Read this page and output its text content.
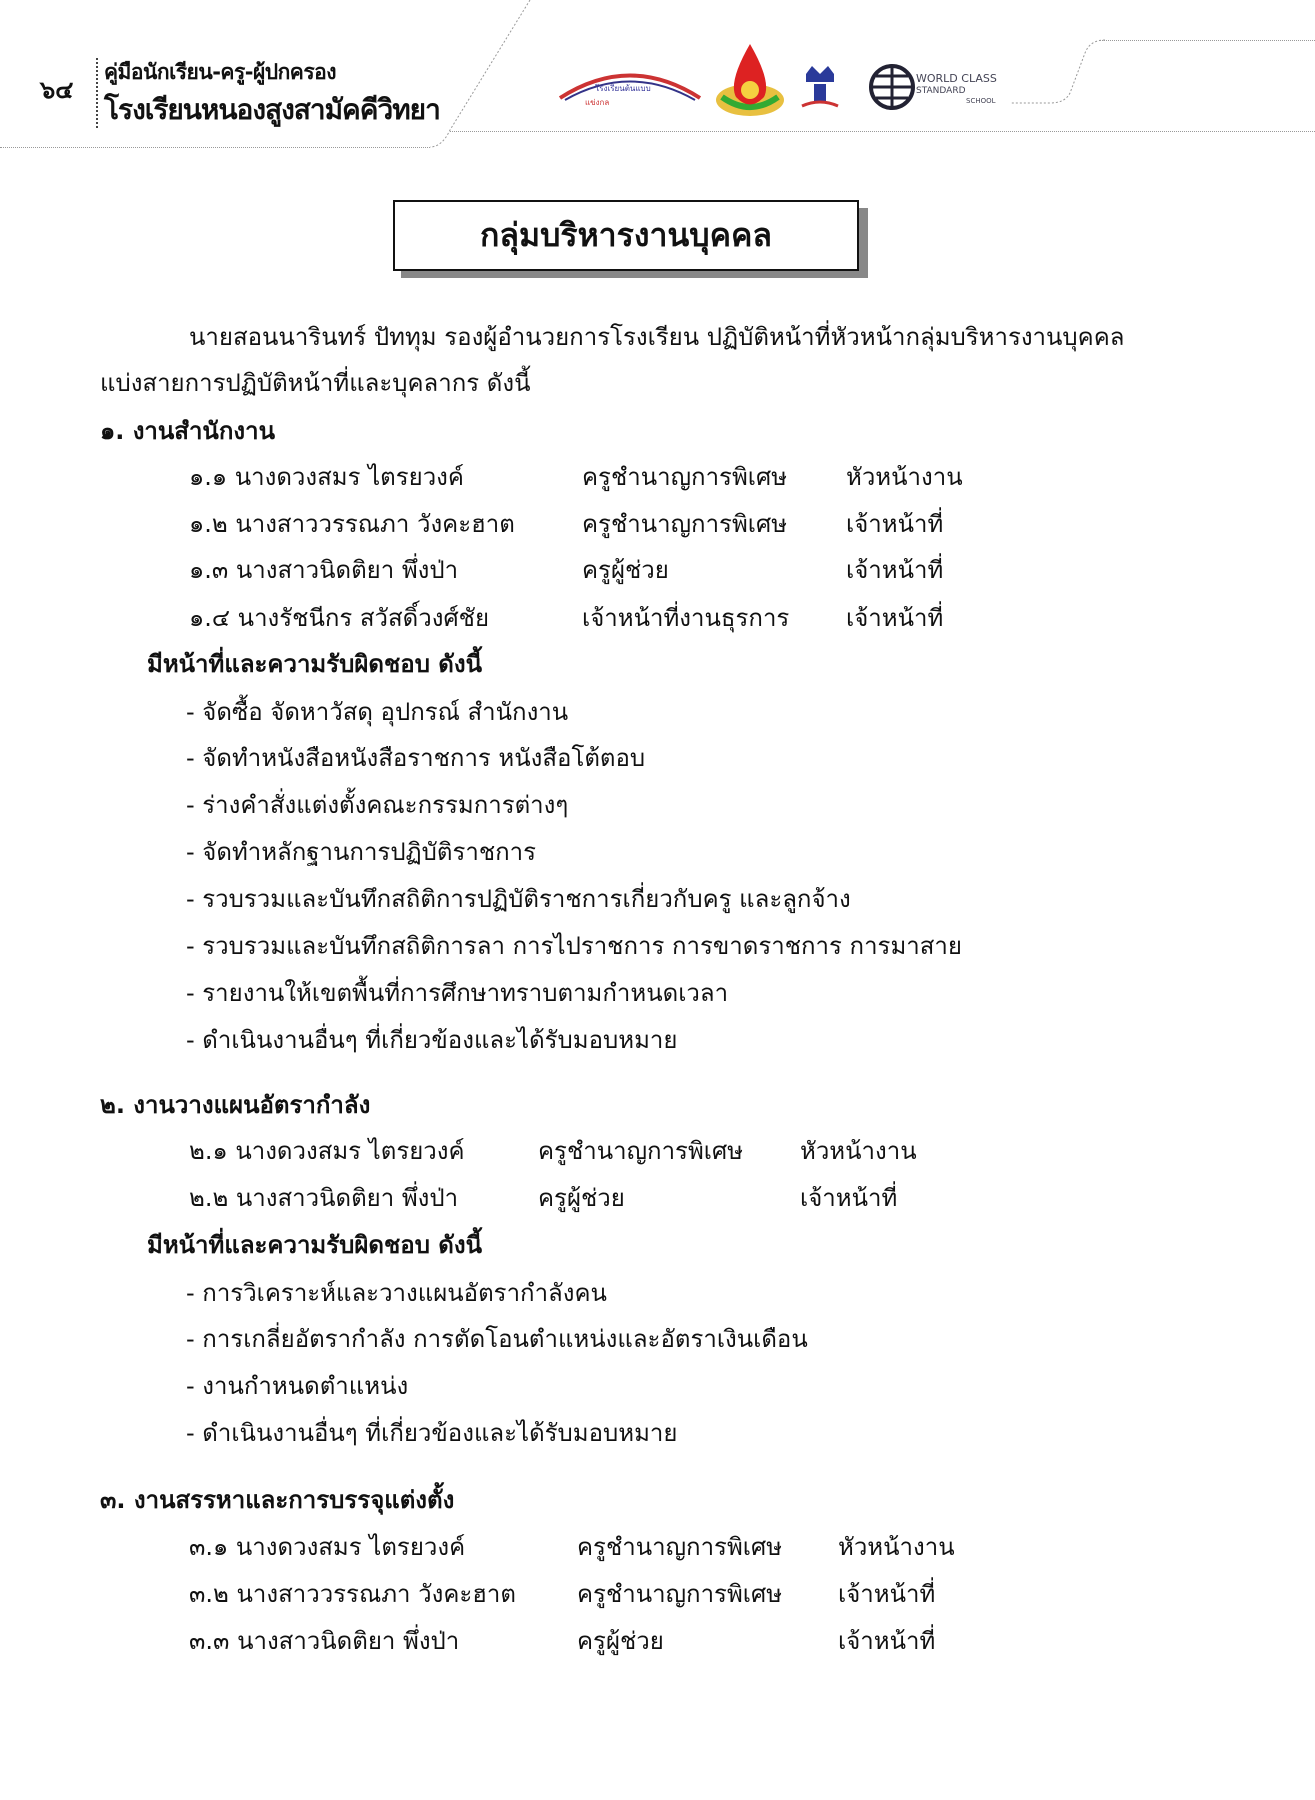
๖๔
คู่มือนักเรียน-ครู-ผู้ปกครอง
โรงเรียนหนองสูงสามัคคีวิทยา
โรงเรียนต้นแบบ
แข่งกล
WORLD CLASS
STANDARD
SCHOOL
กลุ่มบริหารงานบุคคล
นายสอนนารินทร์ ปัททุม รองผู้อำนวยการโรงเรียน ปฏิบัติหน้าที่หัวหน้ากลุ่มบริหารงานบุคคล
แบ่งสายการปฏิบัติหน้าที่และบุคลากร ดังนี้
๑. งานสำนักงาน
๑.๑ นางดวงสมร ไตรยวงค์	ครูชำนาญการพิเศษ หัวหน้างาน
๑.๒ นางสาววรรณภา วังคะฮาต	ครูชำนาญการพิเศษ เจ้าหน้าที่
๑.๓ นางสาวนิดติยา พึ่งป่า	ครูผู้ช่วย	เจ้าหน้าที่
๑.๔ นางรัชนีกร สวัสดิ์วงศ์ชัย	เจ้าหน้าที่งานธุรการ เจ้าหน้าที่
มีหน้าที่และความรับผิดชอบ ดังนี้
- จัดซื้อ จัดหาวัสดุ อุปกรณ์ สำนักงาน
- จัดทำหนังสือหนังสือราชการ หนังสือโต้ตอบ
- ร่างคำสั่งแต่งตั้งคณะกรรมการต่างๆ
- จัดทำหลักฐานการปฏิบัติราชการ
- รวบรวมและบันทึกสถิติการปฏิบัติราชการเกี่ยวกับครู และลูกจ้าง
- รวบรวมและบันทึกสถิติการลา การไปราชการ การขาดราชการ การมาสาย
- รายงานให้เขตพื้นที่การศึกษาทราบตามกำหนดเวลา
- ดำเนินงานอื่นๆ ที่เกี่ยวข้องและได้รับมอบหมาย
๒. งานวางแผนอัตรากำลัง
๒.๑ นางดวงสมร ไตรยวงค์	ครูชำนาญการพิเศษ หัวหน้างาน
๒.๒ นางสาวนิดติยา พึ่งป่า	ครูผู้ช่วย	เจ้าหน้าที่
มีหน้าที่และความรับผิดชอบ ดังนี้
- การวิเคราะห์และวางแผนอัตรากำลังคน
- การเกลี่ยอัตรากำลัง การตัดโอนตำแหน่งและอัตราเงินเดือน
- งานกำหนดตำแหน่ง
- ดำเนินงานอื่นๆ ที่เกี่ยวข้องและได้รับมอบหมาย
๓. งานสรรหาและการบรรจุแต่งตั้ง
๓.๑ นางดวงสมร ไตรยวงค์	ครูชำนาญการพิเศษ หัวหน้างาน
๓.๒ นางสาววรรณภา วังคะฮาต	ครูชำนาญการพิเศษ เจ้าหน้าที่
๓.๓ นางสาวนิดติยา พึ่งป่า	ครูผู้ช่วย	เจ้าหน้าที่
